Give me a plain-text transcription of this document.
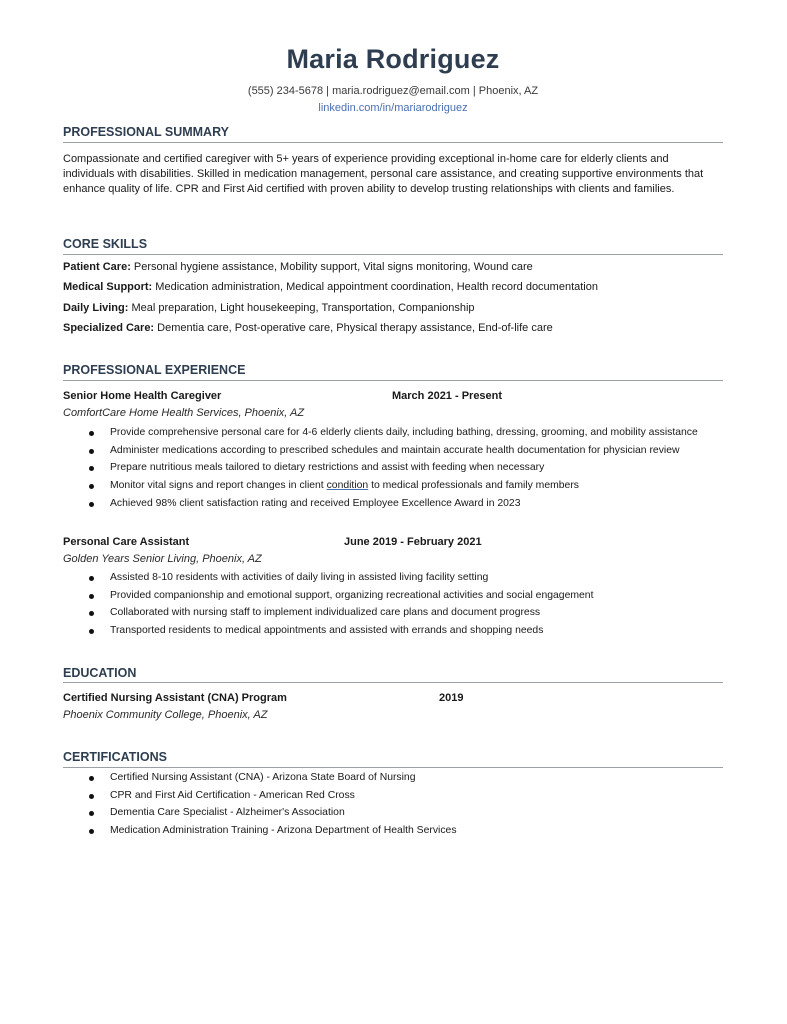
Maria Rodriguez
(555) 234-5678 | maria.rodriguez@email.com | Phoenix, AZ
linkedin.com/in/mariarodriguez
PROFESSIONAL SUMMARY
Compassionate and certified caregiver with 5+ years of experience providing exceptional in-home care for elderly clients and individuals with disabilities. Skilled in medication management, personal care assistance, and creating supportive environments that enhance quality of life. CPR and First Aid certified with proven ability to develop trusting relationships with clients and families.
CORE SKILLS
Patient Care: Personal hygiene assistance, Mobility support, Vital signs monitoring, Wound care
Medical Support: Medication administration, Medical appointment coordination, Health record documentation
Daily Living: Meal preparation, Light housekeeping, Transportation, Companionship
Specialized Care: Dementia care, Post-operative care, Physical therapy assistance, End-of-life care
PROFESSIONAL EXPERIENCE
Senior Home Health Caregiver	March 2021 - Present
ComfortCare Home Health Services, Phoenix, AZ
Provide comprehensive personal care for 4-6 elderly clients daily, including bathing, dressing, grooming, and mobility assistance
Administer medications according to prescribed schedules and maintain accurate health documentation for physician review
Prepare nutritious meals tailored to dietary restrictions and assist with feeding when necessary
Monitor vital signs and report changes in client condition to medical professionals and family members
Achieved 98% client satisfaction rating and received Employee Excellence Award in 2023
Personal Care Assistant	June 2019 - February 2021
Golden Years Senior Living, Phoenix, AZ
Assisted 8-10 residents with activities of daily living in assisted living facility setting
Provided companionship and emotional support, organizing recreational activities and social engagement
Collaborated with nursing staff to implement individualized care plans and document progress
Transported residents to medical appointments and assisted with errands and shopping needs
EDUCATION
Certified Nursing Assistant (CNA) Program	2019
Phoenix Community College, Phoenix, AZ
CERTIFICATIONS
Certified Nursing Assistant (CNA) - Arizona State Board of Nursing
CPR and First Aid Certification - American Red Cross
Dementia Care Specialist - Alzheimer's Association
Medication Administration Training - Arizona Department of Health Services
